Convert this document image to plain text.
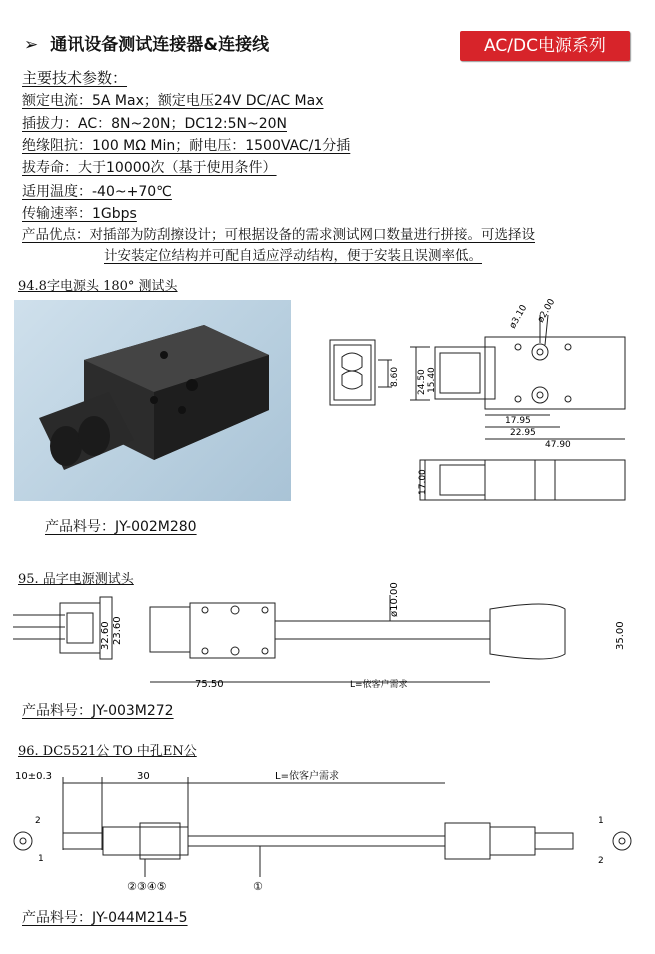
➢ 通讯设备测试连接器&连接线	AC/DC电源系列
主要技术参数：
额定电流：5A Max；额定电压24V DC/AC Max
插拔力：AC：8N~20N；DC12:5N~20N
绝缘阻抗：100 MΩ Min；耐电压：1500VAC/1分插
拔寿命：大于10000次（基于使用条件）
适用温度：-40~+70℃
传输速率：1Gbps
产品优点：对插部为防刮擦设计；可根据设备的需求测试网口数量进行拼接。可选择设
计安装定位结构并可配自适应浮动结构，便于安装且误测率低。
94.8字电源头 180° 测试头
ø3.10 ø2.00
8.60 24.50 15.40
17.95
22.95
47.90
17.00
产品料号：JY-002M280
95. 品字电源测试头
32.60 23.60
ø10.00
75.50	L=依客户需求
35.00
产品料号：JY-003M272
96. DC5521公 TO 中孔EN公
10±0.3	30	L=依客户需求
2
1
1
2
②③④⑤	①
产品料号：JY-044M214-5
